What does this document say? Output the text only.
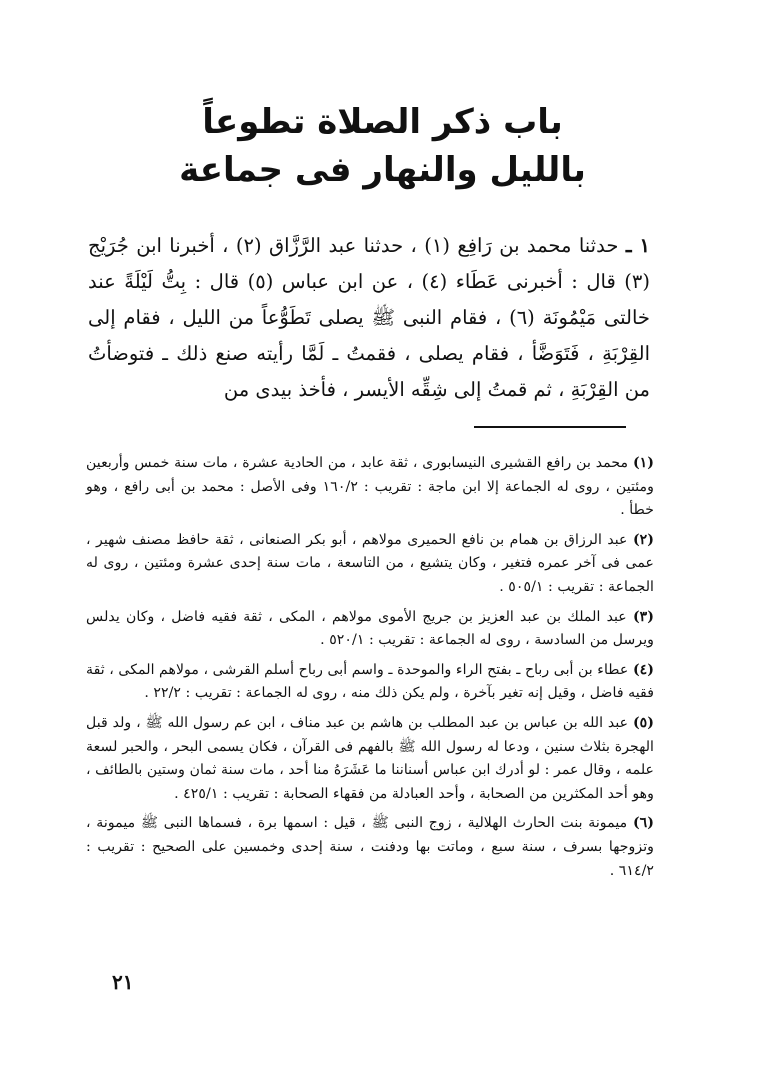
باب ذكر الصلاة تطوعاً
بالليل والنهار فى جماعة
١ ـ حدثنا محمد بن رَافِع (١) ، حدثنا عبد الرَّزَّاق (٢) ، أخبرنا ابن جُرَيْج (٣) قال : أخبرنى عَطَاء (٤) ، عن ابن عباس (٥) قال : بِتُّ لَيْلَةً عند خالتى مَيْمُونَة (٦) ، فقام النبى ﷺ يصلى تَطَوُّعاً من الليل ، فقام إلى القِرْبَةِ ، فَتَوَضَّأ ، فقام يصلى ، فقمتُ ـ لَمَّا رأيته صنع ذلك ـ فتوضأتُ من القِرْبَةِ ، ثم قمتُ إلى شِقِّه الأيسر ، فأخذ بيدى من
(١) محمد بن رافع القشيرى النيسابورى ، ثقة عابد ، من الحادية عشرة ، مات سنة خمس وأربعين ومئتين ، روى له الجماعة إلا ابن ماجة : تقريب : ١٦٠/٢ وفى الأصل : محمد بن أبى رافع ، وهو خطأ .
(٢) عبد الرزاق بن همام بن نافع الحميرى مولاهم ، أبو بكر الصنعانى ، ثقة حافظ مصنف شهير ، عمى فى آخر عمره فتغير ، وكان يتشيع ، من التاسعة ، مات سنة إحدى عشرة ومئتين ، روى له الجماعة : تقريب : ٥٠٥/١ .
(٣) عبد الملك بن عبد العزيز بن جريج الأموى مولاهم ، المكى ، ثقة فقيه فاضل ، وكان يدلس ويرسل من السادسة ، روى له الجماعة : تقريب : ٥٢٠/١ .
(٤) عطاء بن أبى رباح ـ بفتح الراء والموحدة ـ واسم أبى رباح أسلم القرشى ، مولاهم المكى ، ثقة فقيه فاضل ، وقيل إنه تغير بآخرة ، ولم يكن ذلك منه ، روى له الجماعة : تقريب : ٢٢/٢ .
(٥) عبد الله بن عباس بن عبد المطلب بن هاشم بن عبد مناف ، ابن عم رسول الله ﷺ ، ولد قبل الهجرة بثلاث سنين ، ودعا له رسول الله ﷺ بالفهم فى القرآن ، فكان يسمى البحر ، والحبر لسعة علمه ، وقال عمر : لو أدرك ابن عباس أسناننا ما عَشَرَهُ منا أحد ، مات سنة ثمان وستين بالطائف ، وهو أحد المكثرين من الصحابة ، وأحد العبادلة من فقهاء الصحابة : تقريب : ٤٢٥/١ .
(٦) ميمونة بنت الحارث الهلالية ، زوج النبى ﷺ ، قيل : اسمها برة ، فسماها النبى ﷺ ميمونة ، وتزوجها بسرف ، سنة سبع ، وماتت بها ودفنت ، سنة إحدى وخمسين على الصحيح : تقريب : ٦١٤/٢ .
٢١
